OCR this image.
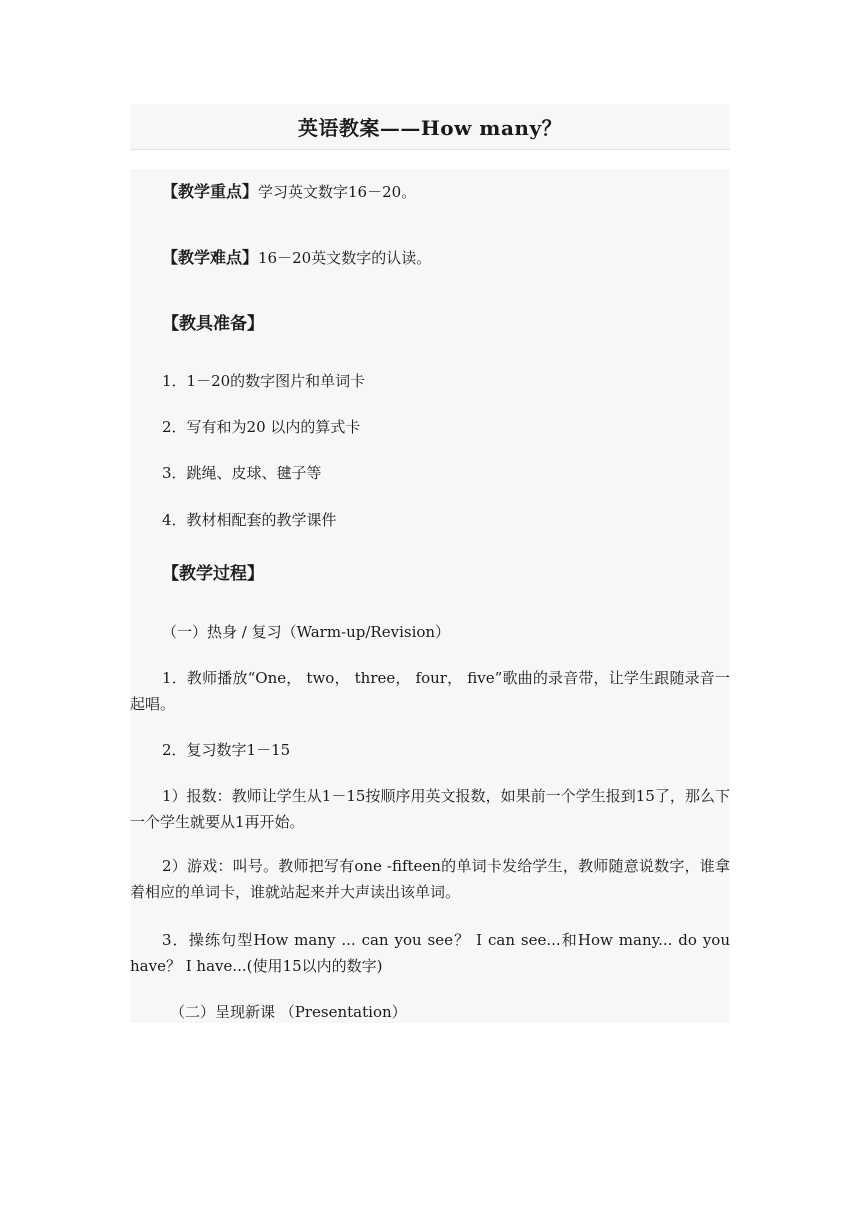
英语教案——How many？
【教学重点】学习英文数字16－20。
【教学难点】16－20英文数字的认读。
【教具准备】
1．1－20的数字图片和单词卡
2．写有和为20 以内的算式卡
3．跳绳、皮球、毽子等
4．教材相配套的教学课件
【教学过程】
（一）热身 / 复习（Warm-up/Revision）
1．教师播放“One， two， three， four， five”歌曲的录音带，让学生跟随录音一起唱。
2．复习数字1－15
1）报数：教师让学生从1－15按顺序用英文报数，如果前一个学生报到15了，那么下一个学生就要从1再开始。
2）游戏：叫号。教师把写有one -fifteen的单词卡发给学生，教师随意说数字，谁拿着相应的单词卡，谁就站起来并大声读出该单词。
3．操练句型How many ... can you see？ I can see...和How many... do you have？ I have...(使用15以内的数字)
（二）呈现新课 （Presentation）
